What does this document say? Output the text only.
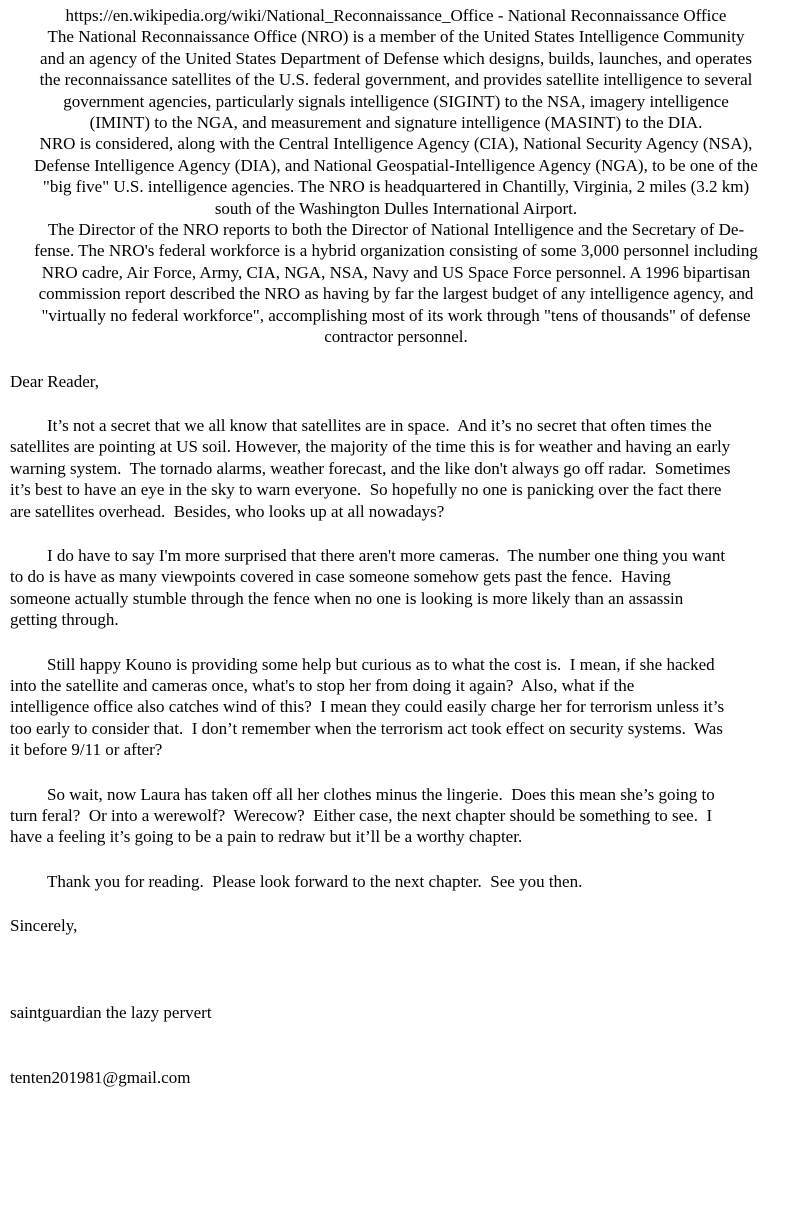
https://en.wikipedia.org/wiki/National_Reconnaissance_Office - National Reconnaissance Office
The National Reconnaissance Office (NRO) is a member of the United States Intelligence Community
and an agency of the United States Department of Defense which designs, builds, launches, and operates
the reconnaissance satellites of the U.S. federal government, and provides satellite intelligence to several
government agencies, particularly signals intelligence (SIGINT) to the NSA, imagery intelligence
(IMINT) to the NGA, and measurement and signature intelligence (MASINT) to the DIA.
NRO is considered, along with the Central Intelligence Agency (CIA), National Security Agency (NSA),
Defense Intelligence Agency (DIA), and National Geospatial-Intelligence Agency (NGA), to be one of the
"big five" U.S. intelligence agencies. The NRO is headquartered in Chantilly, Virginia, 2 miles (3.2 km)
south of the Washington Dulles International Airport.
The Director of the NRO reports to both the Director of National Intelligence and the Secretary of De-
fense. The NRO's federal workforce is a hybrid organization consisting of some 3,000 personnel including
NRO cadre, Air Force, Army, CIA, NGA, NSA, Navy and US Space Force personnel. A 1996 bipartisan
commission report described the NRO as having by far the largest budget of any intelligence agency, and
"virtually no federal workforce", accomplishing most of its work through "tens of thousands" of defense
contractor personnel.
Dear Reader,
It’s not a secret that we all know that satellites are in space.  And it’s no secret that often times the
satellites are pointing at US soil. However, the majority of the time this is for weather and having an early
warning system.  The tornado alarms, weather forecast, and the like don't always go off radar.  Sometimes
it’s best to have an eye in the sky to warn everyone.  So hopefully no one is panicking over the fact there
are satellites overhead.  Besides, who looks up at all nowadays?
I do have to say I'm more surprised that there aren't more cameras.  The number one thing you want
to do is have as many viewpoints covered in case someone somehow gets past the fence.  Having
someone actually stumble through the fence when no one is looking is more likely than an assassin
getting through.
Still happy Kouno is providing some help but curious as to what the cost is.  I mean, if she hacked
into the satellite and cameras once, what's to stop her from doing it again?  Also, what if the
intelligence office also catches wind of this?  I mean they could easily charge her for terrorism unless it’s
too early to consider that.  I don’t remember when the terrorism act took effect on security systems.  Was
it before 9/11 or after?
So wait, now Laura has taken off all her clothes minus the lingerie.  Does this mean she’s going to
turn feral?  Or into a werewolf?  Werecow?  Either case, the next chapter should be something to see.  I
have a feeling it’s going to be a pain to redraw but it’ll be a worthy chapter.
Thank you for reading.  Please look forward to the next chapter.  See you then.
Sincerely,

saintguardian the lazy pervert

tenten201981@gmail.com
